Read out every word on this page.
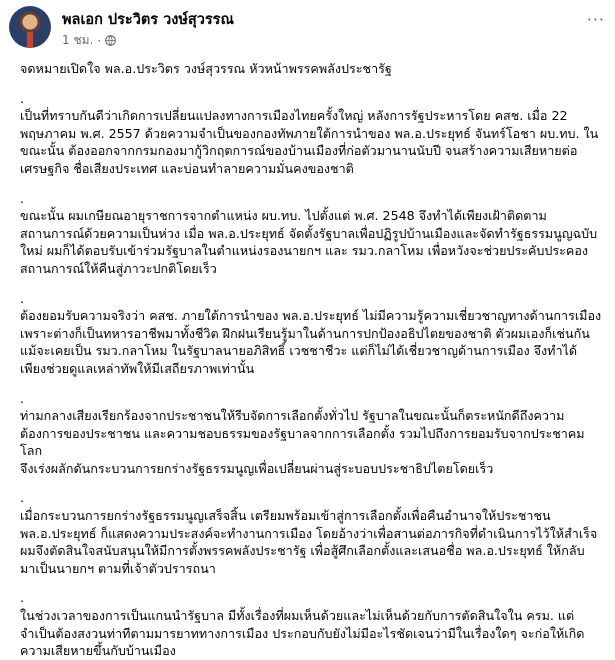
พลเอก ประวิตร วงษ์สุวรรณ
1 ชม. ·
···

จดหมายเปิดใจ พล.อ.ประวิตร วงษ์สุวรรณ หัวหน้าพรรคพลังประชารัฐ

.
เป็นที่ทราบกันดีว่าเกิดการเปลี่ยนแปลงทางการเมืองไทยครั้งใหญ่ หลังการรัฐประหารโดย คสช. เมื่อ 22
พฤษภาคม พ.ศ. 2557 ด้วยความจำเป็นของกองทัพภายใต้การนำของ พล.อ.ประยุทธ์ จันทร์โอชา ผบ.ทบ. ใน
ขณะนั้น ต้องออกจากกรมกองมากู้วิกฤตการณ์ของบ้านเมืองที่ก่อตัวมานานนับปี จนสร้างความเสียหายต่อ
เศรษฐกิจ ชื่อเสียงประเทศ และบ่อนทำลายความมั่นคงของชาติ

.
ขณะนั้น ผมเกษียณอายุราชการจากตำแหน่ง ผบ.ทบ. ไปตั้งแต่ พ.ศ. 2548 จึงทำได้เพียงเฝ้าติดตาม
สถานการณ์ด้วยความเป็นห่วง เมื่อ พล.อ.ประยุทธ์ จัดตั้งรัฐบาลเพื่อปฏิรูปบ้านเมืองและจัดทำรัฐธรรมนูญฉบับ
ใหม่ ผมก็ได้ตอบรับเข้าร่วมรัฐบาลในตำแหน่งรองนายกฯ และ รมว.กลาโหม เพื่อหวังจะช่วยประคับประคอง
สถานการณ์ให้คืนสู่ภาวะปกติโดยเร็ว

.
ต้องยอมรับความจริงว่า คสช. ภายใต้การนำของ พล.อ.ประยุทธ์ ไม่มีความรู้ความเชี่ยวชาญทางด้านการเมือง
เพราะต่างก็เป็นทหารอาชีพมาทั้งชีวิต ฝึกฝนเรียนรู้มาในด้านการปกป้องอธิปไตยของชาติ ตัวผมเองก็เช่นกัน
แม้จะเคยเป็น รมว.กลาโหม ในรัฐบาลนายอภิสิทธิ์ เวชชาชีวะ แต่ก็ไม่ได้เชี่ยวชาญด้านการเมือง จึงทำได้
เพียงช่วยดูแลเหล่าทัพให้มีเสถียรภาพเท่านั้น

.
ท่ามกลางเสียงเรียกร้องจากประชาชนให้รีบจัดการเลือกตั้งทั่วไป รัฐบาลในขณะนั้นก็ตระหนักดีถึงความ
ต้องการของประชาชน และความชอบธรรมของรัฐบาลจากการเลือกตั้ง รวมไปถึงการยอมรับจากประชาคมโลก
จึงเร่งผลักดันกระบวนการยกร่างรัฐธรรมนูญเพื่อเปลี่ยนผ่านสู่ระบอบประชาธิปไตยโดยเร็ว

.
เมื่อกระบวนการยกร่างรัฐธรรมนูญเสร็จสิ้น เตรียมพร้อมเข้าสู่การเลือกตั้งเพื่อคืนอำนาจให้ประชาชน
พล.อ.ประยุทธ์ ก็แสดงความประสงค์จะทำงานการเมือง โดยอ้างว่าเพื่อสานต่อภารกิจที่ดำเนินการไว้ให้สำเร็จ
ผมจึงตัดสินใจสนับสนุนให้มีการตั้งพรรคพลังประชารัฐ เพื่อสู้ศึกเลือกตั้งและเสนอชื่อ พล.อ.ประยุทธ์ ให้กลับ
มาเป็นนายกฯ ตามที่เจ้าตัวปรารถนา

.
ในช่วงเวลาของการเป็นแกนนำรัฐบาล มีทั้งเรื่องที่ผมเห็นด้วยและไม่เห็นด้วยกับการตัดสินใจใน ครม. แต่
จำเป็นต้องสงวนท่าทีตามมารยาททางการเมือง ประกอบกับยังไม่มีอะไรชัดเจนว่ามีในเรื่องใดๆ จะก่อให้เกิด
ความเสียหายขึ้นกับบ้านเมือง
